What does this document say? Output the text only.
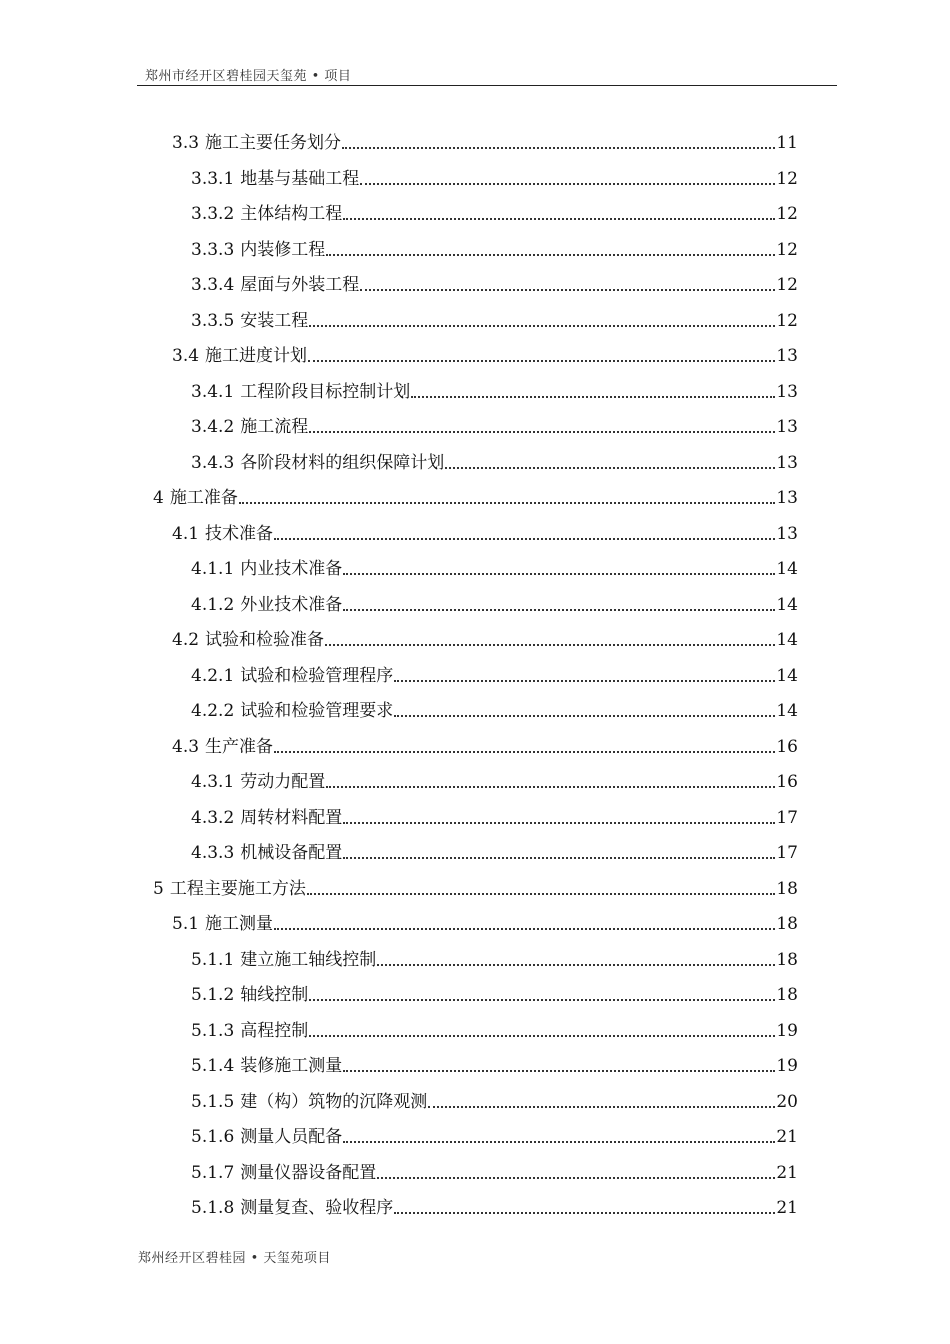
郑州市经开区碧桂园天玺苑 • 项目
3.3 施工主要任务划分	11
3.3.1 地基与基础工程	12
3.3.2 主体结构工程	12
3.3.3 内装修工程	12
3.3.4 屋面与外装工程	12
3.3.5 安装工程	12
3.4 施工进度计划	13
3.4.1 工程阶段目标控制计划	13
3.4.2 施工流程	13
3.4.3 各阶段材料的组织保障计划	13
4 施工准备	13
4.1 技术准备	13
4.1.1 内业技术准备	14
4.1.2 外业技术准备	14
4.2 试验和检验准备	14
4.2.1 试验和检验管理程序	14
4.2.2 试验和检验管理要求	14
4.3 生产准备	16
4.3.1 劳动力配置	16
4.3.2 周转材料配置	17
4.3.3 机械设备配置	17
5 工程主要施工方法	18
5.1 施工测量	18
5.1.1 建立施工轴线控制	18
5.1.2 轴线控制	18
5.1.3 高程控制	19
5.1.4 装修施工测量	19
5.1.5 建（构）筑物的沉降观测	20
5.1.6 测量人员配备	21
5.1.7 测量仪器设备配置	21
5.1.8 测量复查、验收程序	21
郑州经开区碧桂园 • 天玺苑项目
